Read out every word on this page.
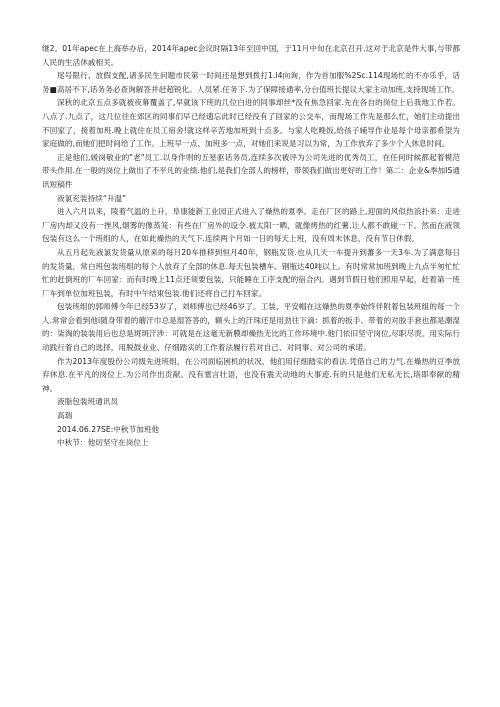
继2。01年apec在上海举办后，2014年apec会议时隔13年至回中国，于11月中旬在北京召开.这对于北京是件大事,与带都人民的生活休戚相关。

尾号限行、放假支配,诸多民生问题市民第一时间还是想到拨打1.l4向询，作为首加服%2Sc.114现场忙的不亦乐乎，话务■高居不下,话务务必查询解答并赶超锐化。人员紧.任务下.为了保障接通率,分台值班长提议大家主动加班,支持现场工作。

深秋的北京五点多就被夜幕覆盖了,早就该下班的几位白进的同事却丝*没有焦急回家.先在各自的岗位上后我地工作若。八点了.九点了，这几位住在郊区的同事们早已经遗忘此时已经没有了回家的公交车，而现场工作先是那么忙，她们主动提出不回家了，接着加班.晚上就住在员工宿舍!就这样辛苦地加班到十点多。与家人吃晚饭,给孩子辅导作业是每个母亲都希望为家庭做的,而她们把时间给了工作。上班早一点、加班多一点，对她们来说是习以为常，为工作放弃了多少个人休息时间。

正是他们,媛岗敬业的"老"员工.以身作则的五星驱话务员,连续多次被评为公司先进的优秀员工，在任何时候都起着模范带头作用.在一般的岗位上做出了不平凡的业绩.他们,是我们全部人的榜样，带领我们做出更好的工作！第二：企业&季加IS通讯短稿件

液氯充装持续“升温”

进入六月以来，陵着气温的上升，阜康能新工业园正式进入了燥热的夏季。走在厂区的路上,迎面的风似热浪扑来：走进厂房内却又没有一挫风,烟雾的像蒸笼：有些在厂房外的设令.被太阳一晒，就像烤热的红薯.让人都不敢碰一下。然而在液领包装有这么一个班组的人，在如此燥热的天气下.连续两个月如一日的每天上班，没有周末休息，没有节日休假。

从五月起先液氯发货量从原来的每月20车推移到恒月40年，钢瓶发货.也从几天一车提升到蕃多一天3车.为了满意每日的发货量，常白班包装班组的每个人放弃了全部的休息.每天包装槽车、钢瓶达40吨以上。有时常常加班到晚上九点半匆忙忙忙的赶倒班的厂车回家：而有时晚上11点还须要包装，只能睡在工序支配的宿合内。遇到节假日他们照用早起，赶着第一班厂车到单位加班包装，有时中午结束包装.他们还将自己打车回家。

包装班组的郭师傅今年已经53岁了，刘师傅也已经46岁了。工装、平安帽在这燥热的夏季始终伴附着包装班组的每一个人.常常会看到他i随身带着的蘑汗巾总是湿答答的，额头上的汗珠还是用劲往下滴：抓着的扳手、带着的对胶手套也都是潮湿的：柒淘的装装用后也总是斑斑汗涉：可就是在这毫无新膜却燥热无比的工作环境中.他门依旧坚守岗位,尽职尽责。用实际行动践行着自己的选择，用脱鼓业业、仔细踏实的工作着法履行若对自己、对同事、对公司的承诺。

作为2013年度股份公司级先进班组，在公司面临困机的状况，他们用仔细踏实的看法.凭借自己的力气.在燥热的豆季放弃休息.在平凡的岗位上.为公司作出贡献。没有塞言壮语，也没有震天动地的大事迹.有的只是他们无私无长,珞即奉献的精神。

液脂包装班通讯员

高瑞

2014.06.27SE:中秋节加班他

中秋节：他切坚守在岗位上
